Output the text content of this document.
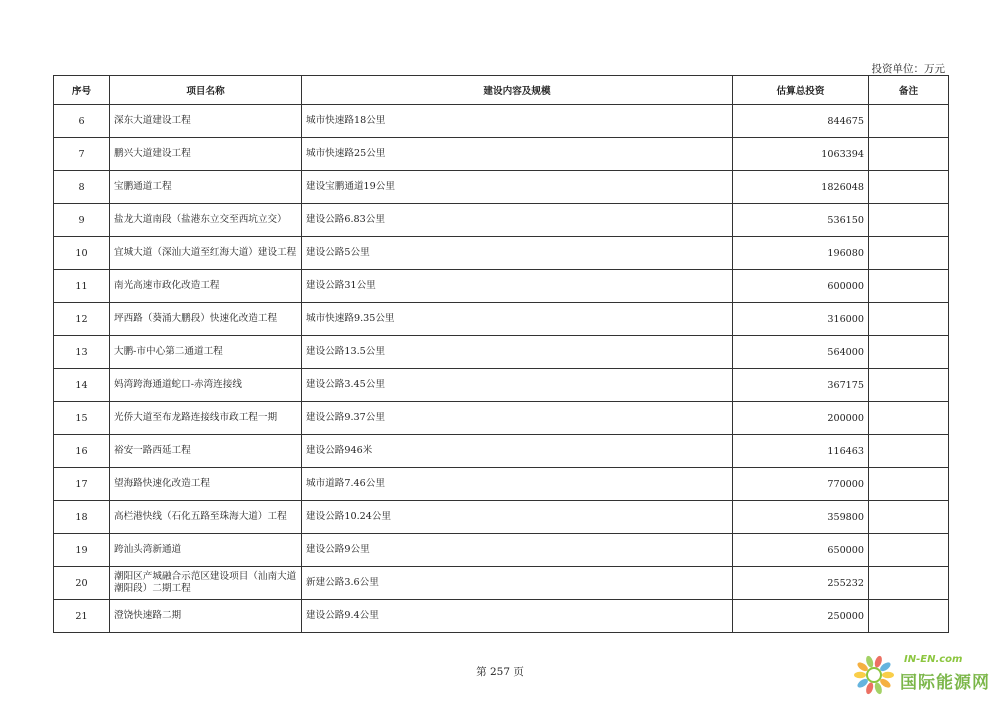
投资单位：万元
序号	项目名称	建设内容及规模	估算总投资	备注
6	深东大道建设工程	城市快速路18公里	844675	
7	鹏兴大道建设工程	城市快速路25公里	1063394	
8	宝鹏通道工程	建设宝鹏通道19公里	1826048	
9	盐龙大道南段（盐港东立交至西坑立交）	建设公路6.83公里	536150	
10	宜城大道（深汕大道至红海大道）建设工程	建设公路5公里	196080	
11	南光高速市政化改造工程	建设公路31公里	600000	
12	坪西路（葵涌大鹏段）快速化改造工程	城市快速路9.35公里	316000	
13	大鹏-市中心第二通道工程	建设公路13.5公里	564000	
14	妈湾跨海通道蛇口-赤湾连接线	建设公路3.45公里	367175	
15	光侨大道至布龙路连接线市政工程一期	建设公路9.37公里	200000	
16	裕安一路西延工程	建设公路946米	116463	
17	望海路快速化改造工程	城市道路7.46公里	770000	
18	高栏港快线（石化五路至珠海大道）工程	建设公路10.24公里	359800	
19	跨汕头湾新通道	建设公路9公里	650000	
20	潮阳区产城融合示范区建设项目（汕南大道潮阳段）二期工程	新建公路3.6公里	255232	
21	澄饶快速路二期	建设公路9.4公里	250000	
第 257 页
IN-EN.com
国际能源网
